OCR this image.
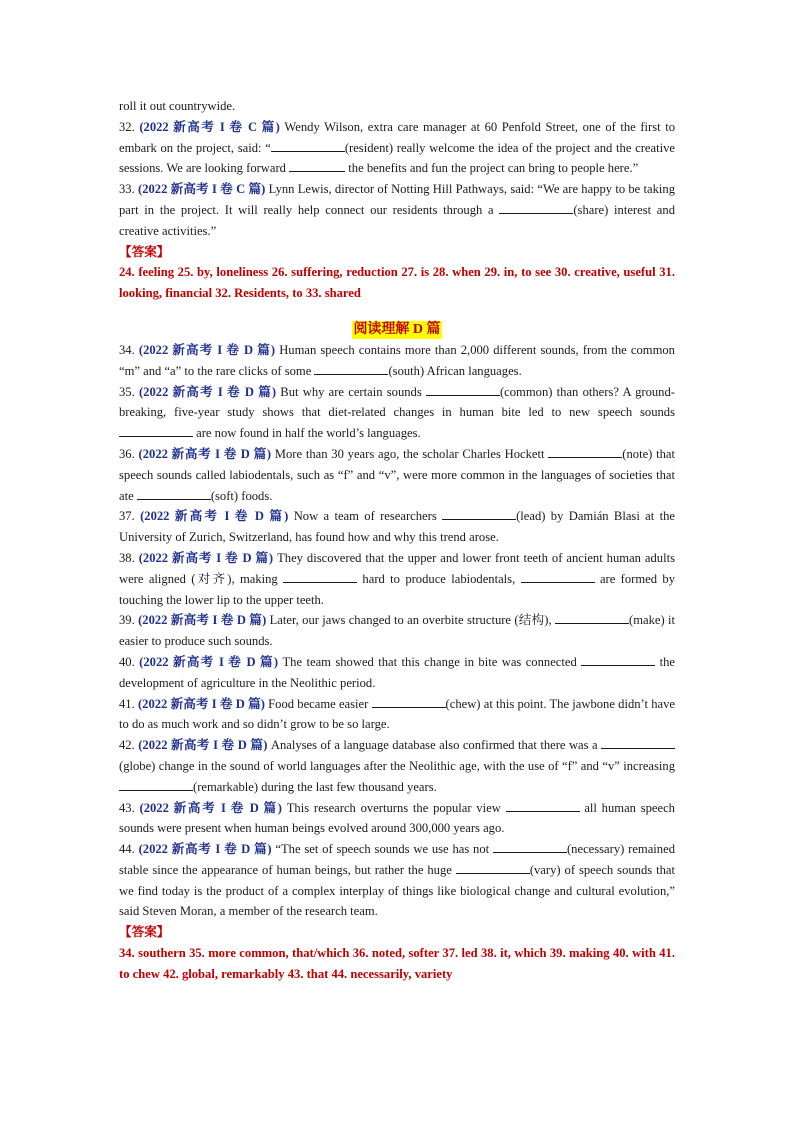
roll it out countrywide.

32. (2022 新高考 I 卷 C 篇) Wendy Wilson, extra care manager at 60 Penfold Street, one of the first to embark on the project, said: “	(resident) really welcome the idea of the project and the creative sessions. We are looking forward	the benefits and fun the project can bring to people here.”

33. (2022 新高考 I 卷 C 篇) Lynn Lewis, director of Notting Hill Pathways, said: “We are happy to be taking part in the project. It will really help connect our residents through a	(share) interest and creative activities.”

【答案】

24. feeling 25. by, loneliness 26. suffering, reduction 27. is 28. when 29. in, to see 30. creative, useful 31. looking, financial 32. Residents, to 33. shared

阅读理解 D 篇

34. (2022 新高考 I 卷 D 篇) Human speech contains more than 2,000 different sounds, from the common “m” and “a” to the rare clicks of some	(south) African languages.

35. (2022 新高考 I 卷 D 篇) But why are certain sounds	(common) than others? A ground-breaking, five-year study shows that diet-related changes in human bite led to new speech sounds  are now found in half the world’s languages.

36. (2022 新高考 I 卷 D 篇) More than 30 years ago, the scholar Charles Hockett	(note) that speech sounds called labiodentals, such as “f” and “v”, were more common in the languages of societies that ate	(soft) foods.

37. (2022 新高考 I 卷 D 篇) Now a team of researchers	(lead) by Damián Blasi at the University of Zurich, Switzerland, has found how and why this trend arose.

38. (2022 新高考 I 卷 D 篇) They discovered that the upper and lower front teeth of ancient human adults were aligned (对齐), making	hard to produce labiodentals,	are formed by touching the lower lip to the upper teeth.

39. (2022 新高考 I 卷 D 篇) Later, our jaws changed to an overbite structure (结构),	(make) it easier to produce such sounds.

40. (2022 新高考 I 卷 D 篇) The team showed that this change in bite was connected	the development of agriculture in the Neolithic period.

41. (2022 新高考 I 卷 D 篇) Food became easier	(chew) at this point. The jawbone didn’t have to do as much work and so didn’t grow to be so large.

42. (2022 新高考 I 卷 D 篇) Analyses of a language database also confirmed that there was a (globe) change in the sound of world languages after the Neolithic age, with the use of “f” and “v” increasing (remarkable) during the last few thousand years.

43. (2022 新高考 I 卷 D 篇) This research overturns the popular view	all human speech sounds were present when human beings evolved around 300,000 years ago.

44. (2022 新高考 I 卷 D 篇) “The set of speech sounds we use has not	(necessary) remained stable since the appearance of human beings, but rather the huge	(vary) of speech sounds that we find today is the product of a complex interplay of things like biological change and cultural evolution,” said Steven Moran, a member of the research team.

【答案】

34. southern 35. more common, that/which 36. noted, softer 37. led 38. it, which 39. making 40. with 41. to chew 42. global, remarkably 43. that 44. necessarily, variety
